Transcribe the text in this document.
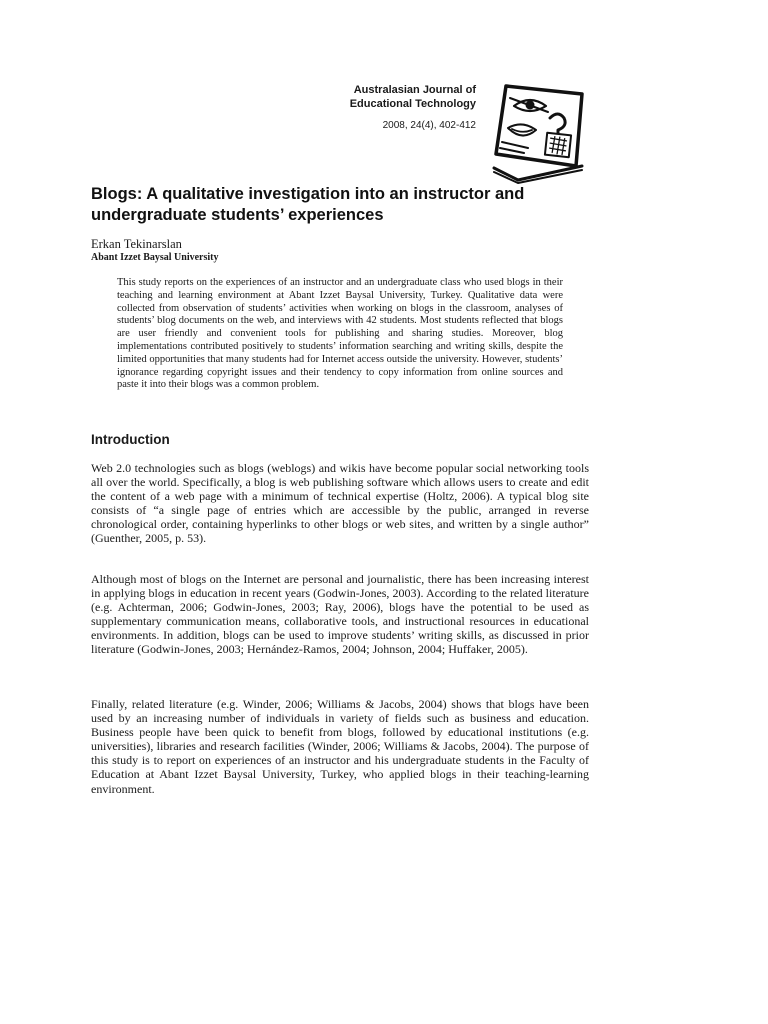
Australasian Journal of
Educational Technology
2008, 24(4), 402-412
Blogs: A qualitative investigation into an instructor and undergraduate students’ experiences
Erkan Tekinarslan
Abant Izzet Baysal University

This study reports on the experiences of an instructor and an undergraduate class who used blogs in their teaching and learning environment at Abant Izzet Baysal University, Turkey. Qualitative data were collected from observation of students’ activities when working on blogs in the classroom, analyses of students’ blog documents on the web, and interviews with 42 students. Most students reflected that blogs are user friendly and convenient tools for publishing and sharing studies. Moreover, blog implementations contributed positively to students’ information searching and writing skills, despite the limited opportunities that many students had for Internet access outside the university. However, students’ ignorance regarding copyright issues and their tendency to copy information from online sources and paste it into their blogs was a common problem.

Introduction

Web 2.0 technologies such as blogs (weblogs) and wikis have become popular social networking tools all over the world. Specifically, a blog is web publishing software which allows users to create and edit the content of a web page with a minimum of technical expertise (Holtz, 2006). A typical blog site consists of “a single page of entries which are accessible by the public, arranged in reverse chronological order, containing hyperlinks to other blogs or web sites, and written by a single author” (Guenther, 2005, p. 53).

Although most of blogs on the Internet are personal and journalistic, there has been increasing interest in applying blogs in education in recent years (Godwin-Jones, 2003). According to the related literature (e.g. Achterman, 2006; Godwin-Jones, 2003; Ray, 2006), blogs have the potential to be used as supplementary communication means, collaborative tools, and instructional resources in educational environments. In addition, blogs can be used to improve students’ writing skills, as discussed in prior literature (Godwin-Jones, 2003; Hernández-Ramos, 2004; Johnson, 2004; Huffaker, 2005).

Finally, related literature (e.g. Winder, 2006; Williams & Jacobs, 2004) shows that blogs have been used by an increasing number of individuals in variety of fields such as business and education. Business people have been quick to benefit from blogs, followed by educational institutions (e.g. universities), libraries and research facilities (Winder, 2006; Williams & Jacobs, 2004). The purpose of this study is to report on experiences of an instructor and his undergraduate students in the Faculty of Education at Abant Izzet Baysal University, Turkey, who applied blogs in their teaching-learning environment.
